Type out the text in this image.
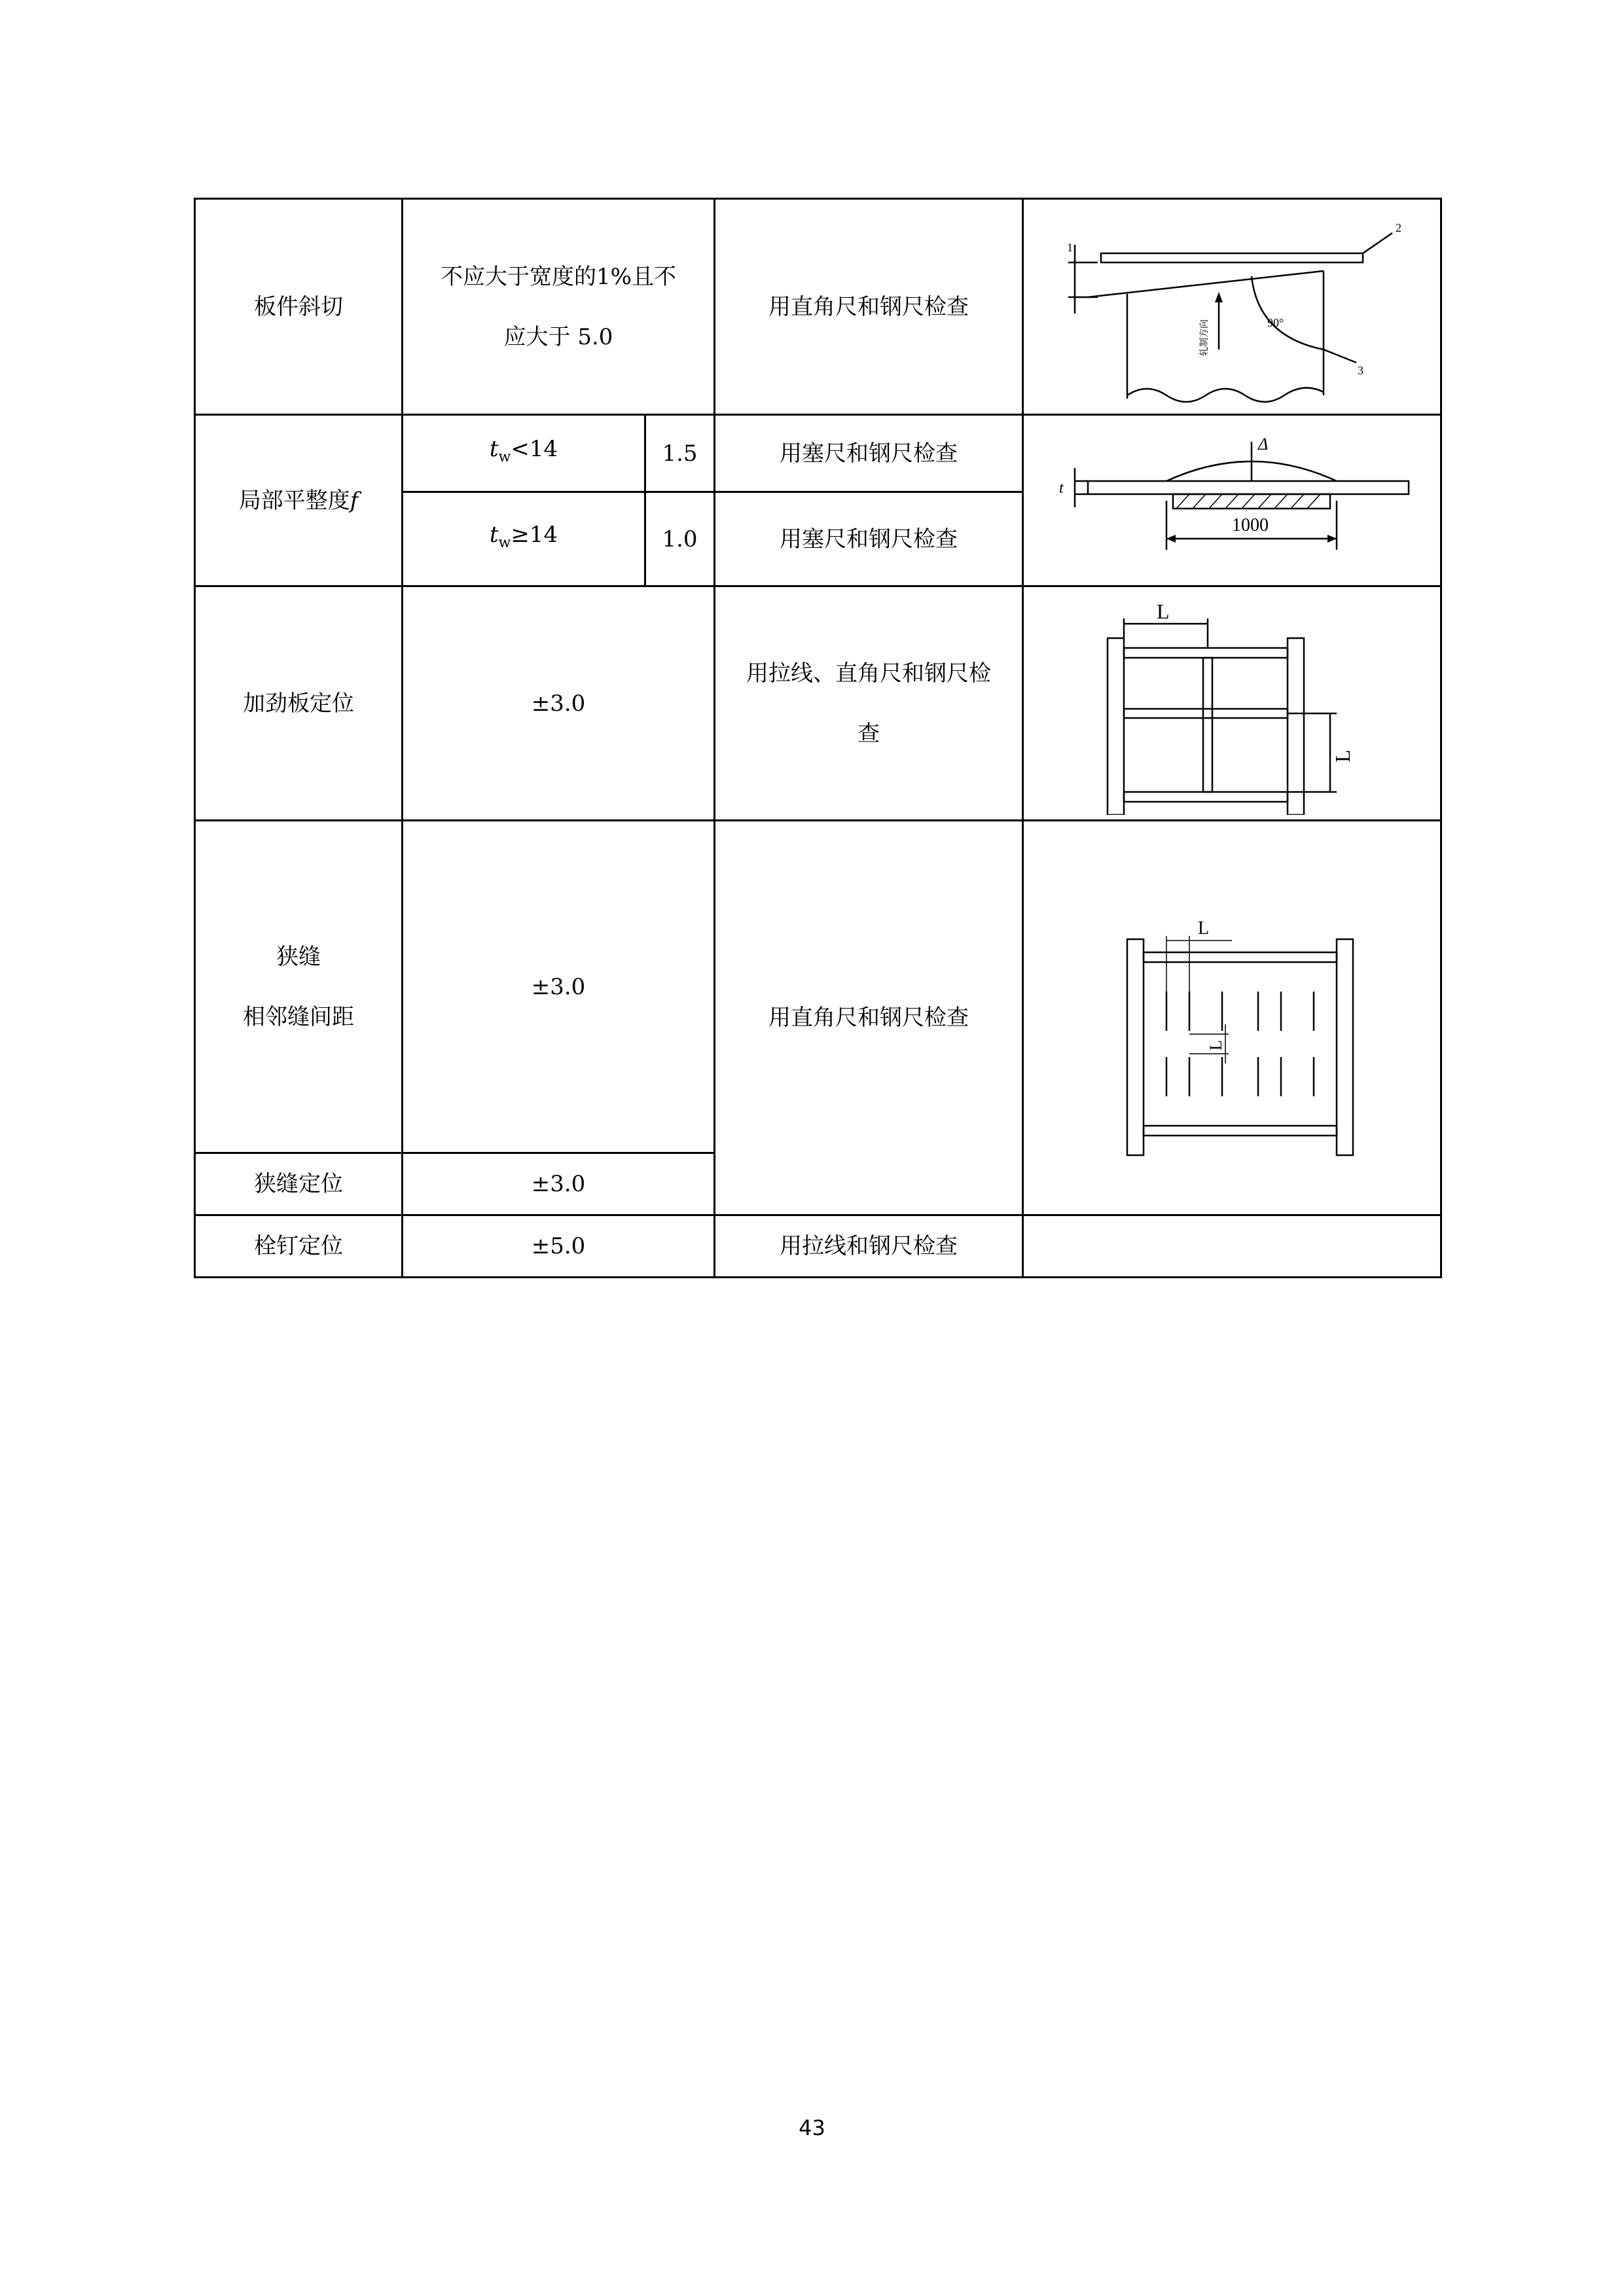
板件斜切	不应大于宽度的1%且不
应大于 5.0		用直角尺和钢尺检查	1
2
3
90°
轧制方向

局部平整度f	$t_w<14$	1.5	用塞尺和钢尺检查	1000
t
Δ

	$t_w\ge 14$	1.0	用塞尺和钢尺检查	
加劲板定位	±3.0		用拉线、直角尺和钢尺检
查	L
L

狭缝
相邻缝间距	±3.0		用直角尺和钢尺检查	L
L

狭缝定位	±3.0			
栓钉定位	±5.0		用拉线和钢尺检查	
43
